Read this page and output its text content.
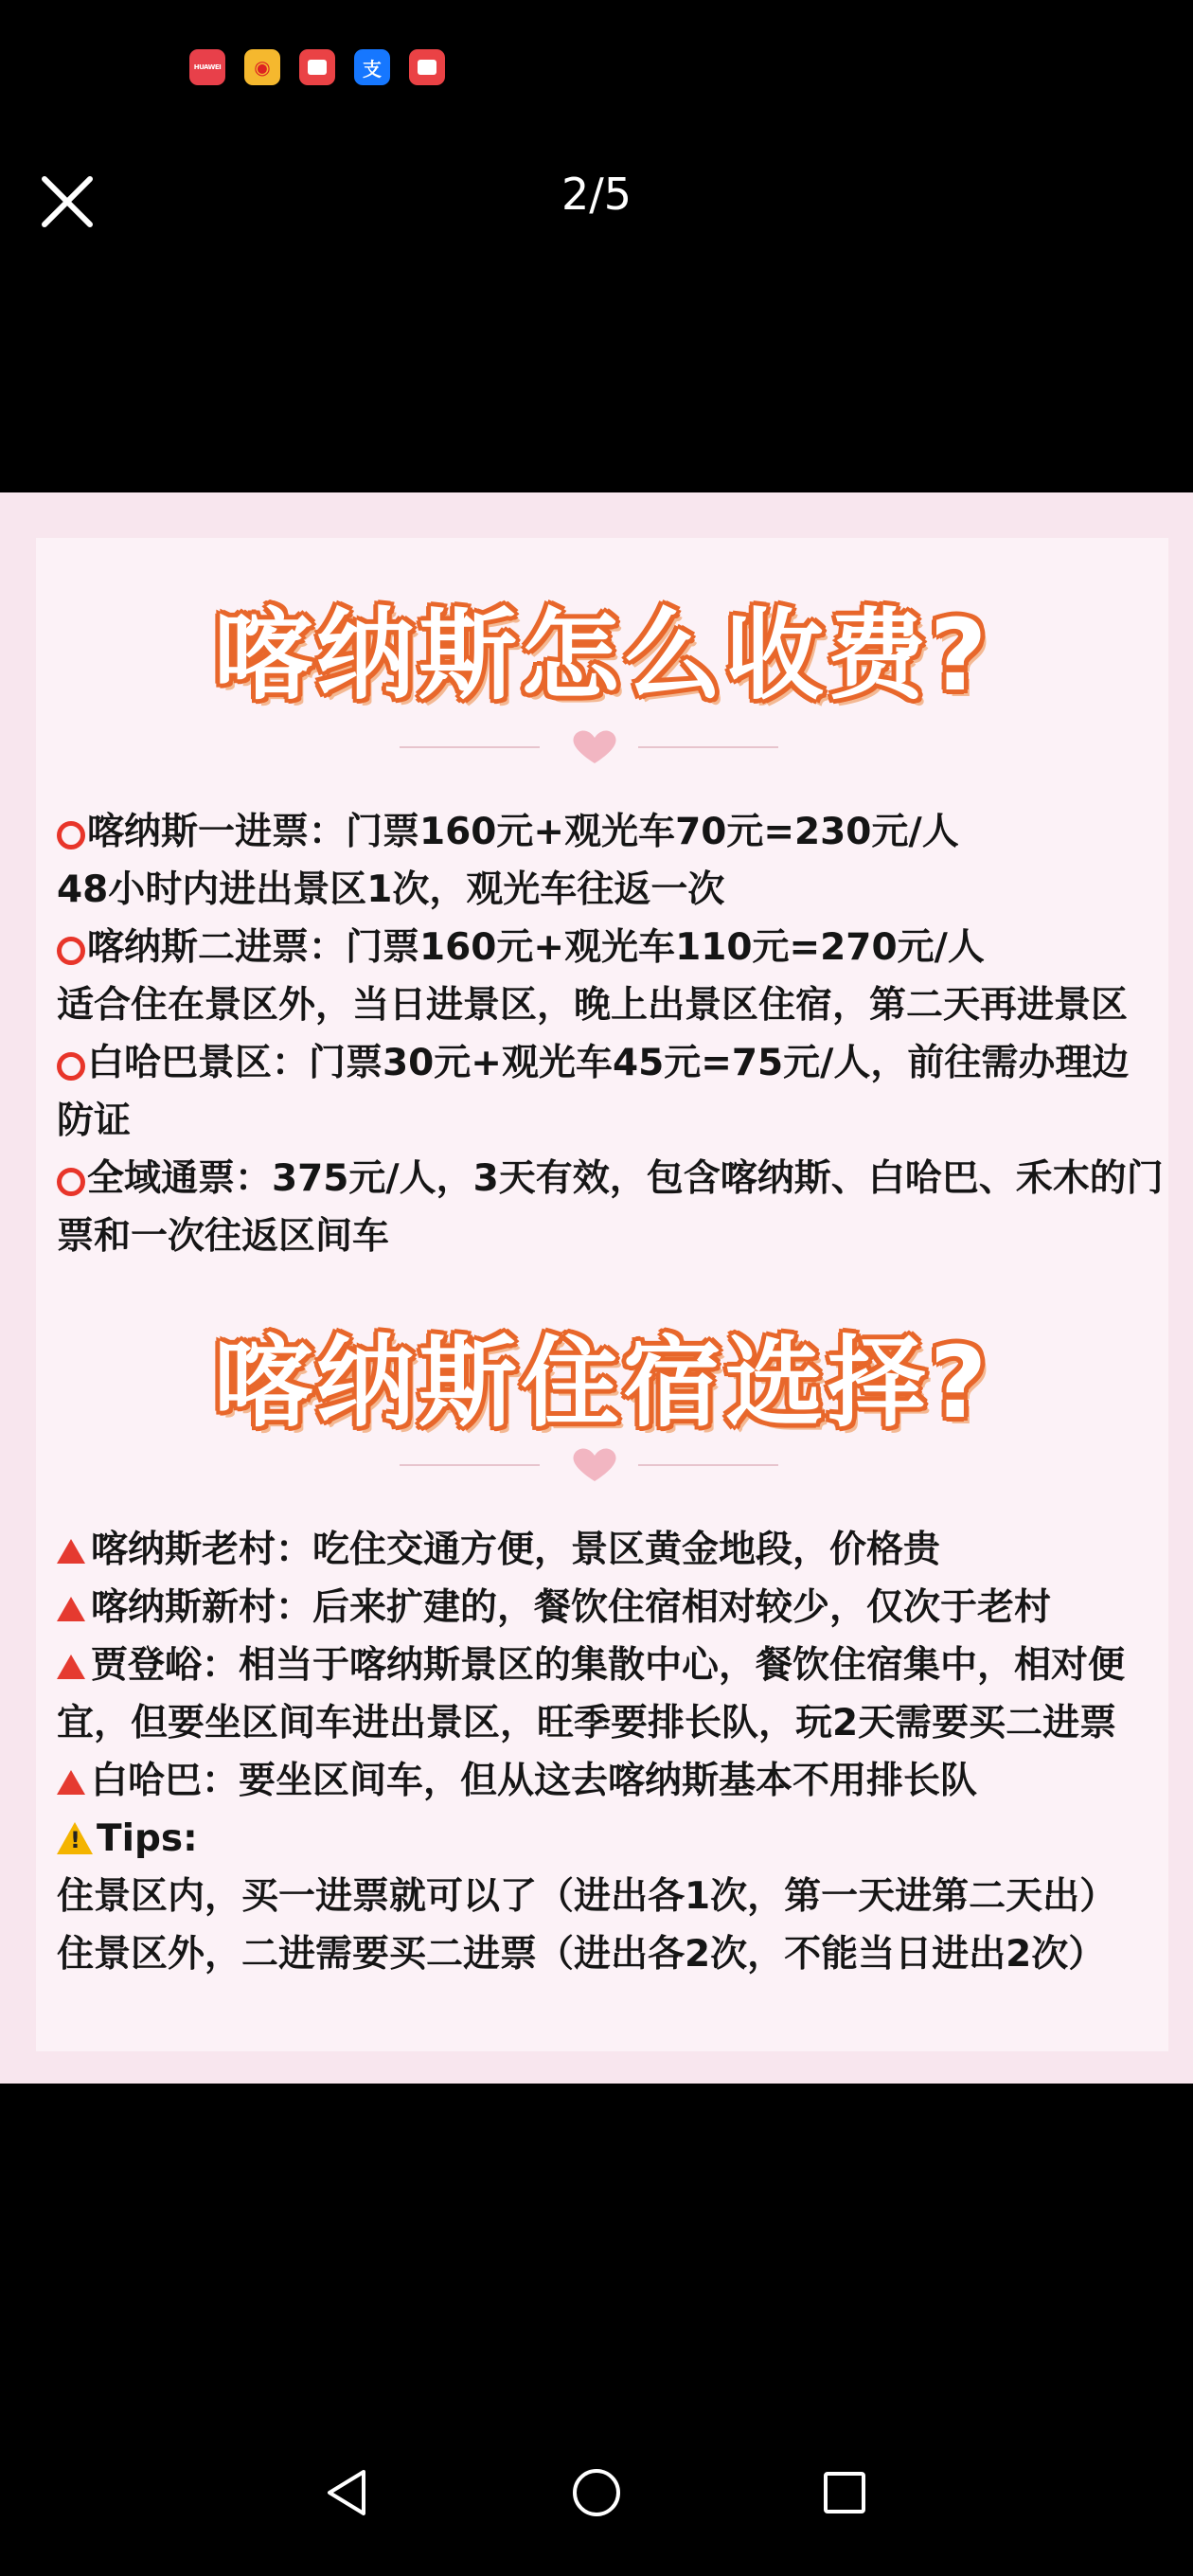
HUAWEI	◉	支
2/5
喀纳斯怎么收费?
喀纳斯一进票：门票160元+观光车70元=230元/人
48小时内进出景区1次，观光车往返一次
喀纳斯二进票：门票160元+观光车110元=270元/人
适合住在景区外，当日进景区，晚上出景区住宿，第二天再进景区
白哈巴景区：门票30元+观光车45元=75元/人，前往需办理边防证
全域通票：375元/人，3天有效，包含喀纳斯、白哈巴、禾木的门票和一次往返区间车
喀纳斯住宿选择?
喀纳斯老村：吃住交通方便，景区黄金地段，价格贵
喀纳斯新村：后来扩建的，餐饮住宿相对较少，仅次于老村
贾登峪：相当于喀纳斯景区的集散中心，餐饮住宿集中，相对便宜，但要坐区间车进出景区，旺季要排长队，玩2天需要买二进票
白哈巴：要坐区间车，但从这去喀纳斯基本不用排长队
!Tips:
住景区内，买一进票就可以了（进出各1次，第一天进第二天出）
住景区外，二进需要买二进票（进出各2次，不能当日进出2次）
